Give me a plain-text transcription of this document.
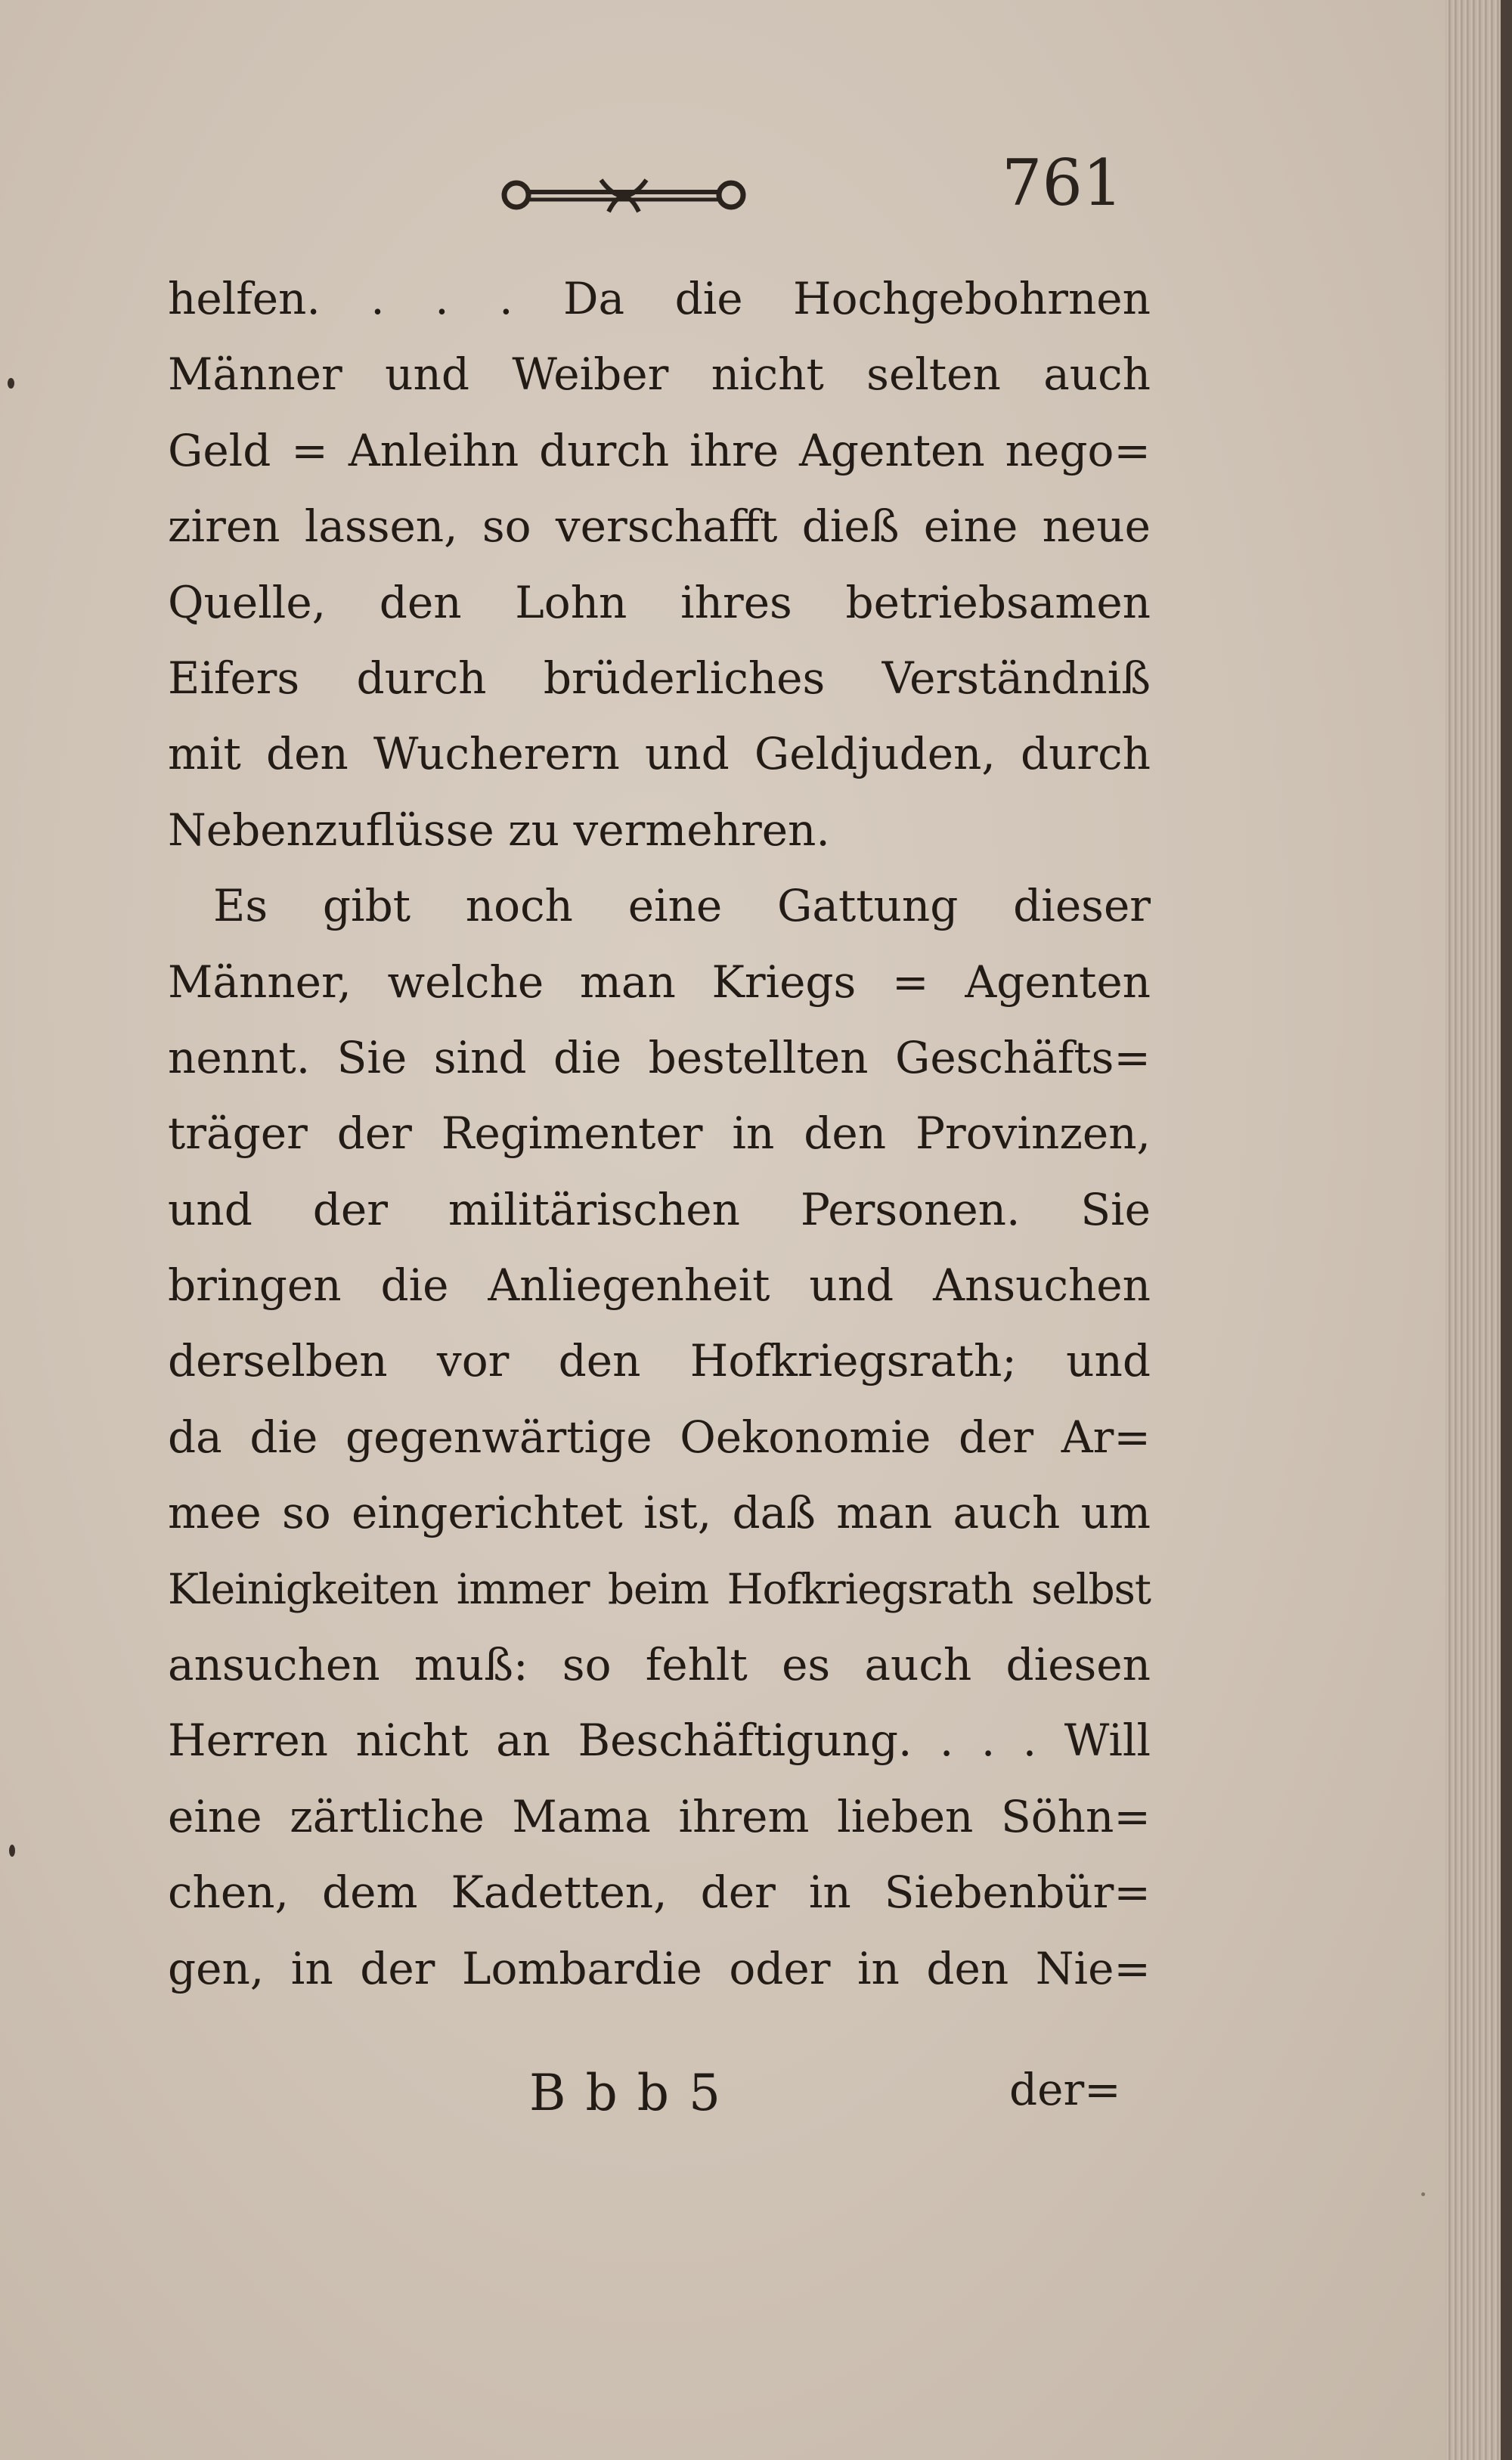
761
helfen. . . . Da die Hochgebohrnen
Männer und Weiber nicht selten auch
Geld = Anleihn durch ihre Agenten nego=
ziren lassen, so verschafft dieß eine neue
Quelle, den Lohn ihres betriebsamen
Eifers durch brüderliches Verständniß
mit den Wucherern und Geldjuden, durch
Nebenzuflüsse zu vermehren.
Es gibt noch eine Gattung dieser
Männer, welche man Kriegs = Agenten
nennt. Sie sind die bestellten Geschäfts=
träger der Regimenter in den Provinzen,
und der militärischen Personen. Sie
bringen die Anliegenheit und Ansuchen
derselben vor den Hofkriegsrath; und
da die gegenwärtige Oekonomie der Ar=
mee so eingerichtet ist, daß man auch um
Kleinigkeiten immer beim Hofkriegsrath selbst
ansuchen muß: so fehlt es auch diesen
Herren nicht an Beschäftigung. . . . Will
eine zärtliche Mama ihrem lieben Söhn=
chen, dem Kadetten, der in Siebenbür=
gen, in der Lombardie oder in den Nie=
Bbb5	der=
